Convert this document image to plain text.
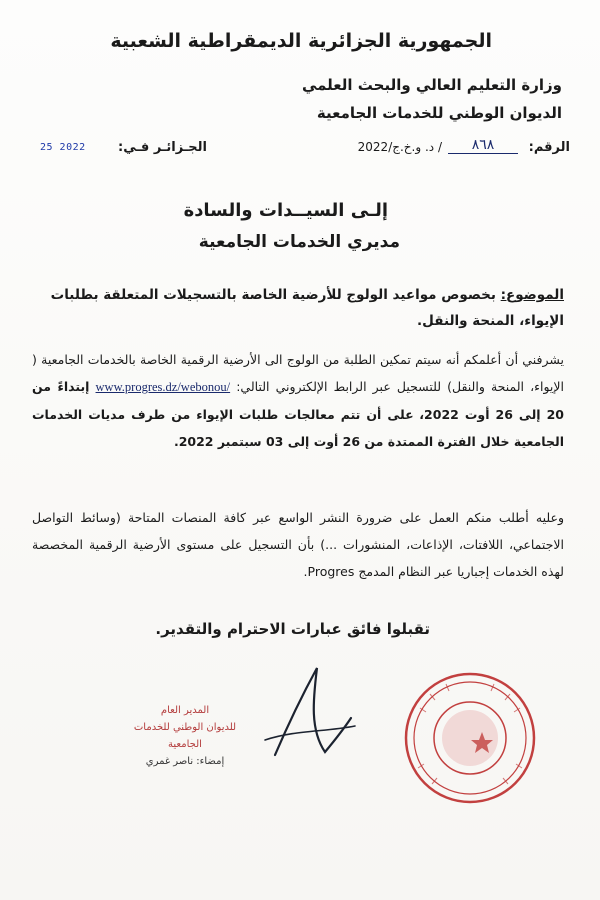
الجمهورية الجزائرية الديمقراطية الشعبية
وزارة التعليم العالي والبحث العلمي
الديوان الوطني للخدمات الجامعية
الرقم:
٨٦٨
/ د. و.خ.ج/2022
الجـزائـر فـي:
25 2022
إلـى السيــدات والسادة
مديري الخدمات الجامعية
الموضوع: بخصوص مواعيد الولوج للأرضية الخاصة بالتسجيلات المتعلقة بطلبات الإيواء، المنحة والنقل.
يشرفني أن أعلمكم أنه سيتم تمكين الطلبة من الولوج الى الأرضية الرقمية الخاصة بالخدمات الجامعية ( الإيواء، المنحة والنقل) للتسجيل عبر الرابط الإلكتروني التالي: www.progres.dz/webonou/ إبتداءً من 20 إلى 26 أوت 2022، على أن تتم معالجات طلبات الإيواء من طرف مديات الخدمات الجامعية خلال الفترة الممتدة من 26 أوت إلى 03 سبتمبر 2022.
وعليه أطلب منكم العمل على ضرورة النشر الواسع عبر كافة المنصات المتاحة (وسائط التواصل الاجتماعي، اللافتات، الإذاعات، المنشورات ...) بأن التسجيل على مستوى الأرضية الرقمية المخصصة لهذه الخدمات إجباريا عبر النظام المدمج Progres.
تقبلوا فائق عبارات الاحترام والتقدير.
المدير العام
للديوان الوطني للخدمات الجامعية
إمضاء: ناصر غمري
